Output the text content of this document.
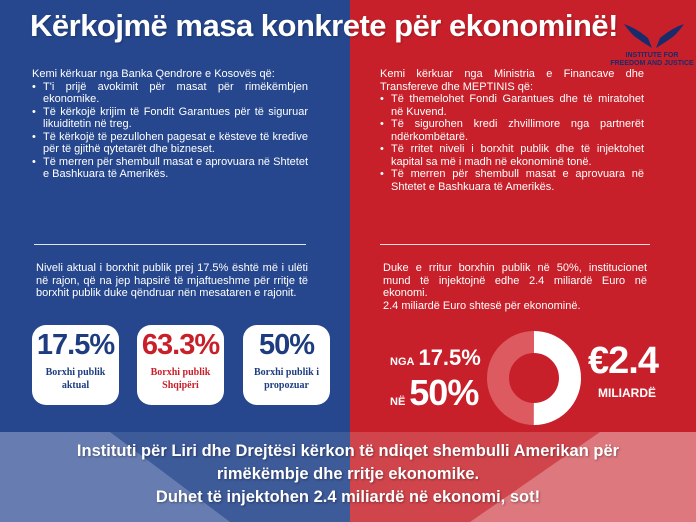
Kërkojmë masa konkrete për ekonominë!
INSTITUTE FOR
FREEDOM AND JUSTICE

Kemi kërkuar nga Banka Qendrore e Kosovës që:

• T'i prijë avokimit për masat për rimëkëmbjen ekonomike.
• Të kërkojë krijim të Fondit Garantues për të siguruar likuiditetin në treg.
• Të kërkojë të pezullohen pagesat e kësteve të kredive për të gjithë qytetarët dhe bizneset.
• Të merren për shembull masat e aprovuara në Shtetet e Bashkuara të Amerikës.

Kemi kërkuar nga Ministria e Financave dhe Transfereve dhe MEPTINIS që:

• Të themelohet Fondi Garantues dhe të miratohet në Kuvend.
• Të sigurohen kredi zhvillimore nga partnerët ndërkombëtarë.
• Të rritet niveli i borxhit publik dhe të injektohet kapital sa më i madh në ekonominë tonë.
• Të merren për shembull masat e aprovuara në Shtetet e Bashkuara të Amerikës.

Niveli aktual i borxhit publik prej 17.5% është më i ulëti në rajon, që na jep hapsirë të mjaftueshme për rritje të borxhit publik duke qëndruar nën mesataren e rajonit.

Duke e rritur borxhin publik në 50%, institucionet mund të injektojnë edhe 2.4 miliardë Euro në ekonomi.

2.4 miliardë Euro shtesë për ekonominë.

17.5%
Borxhi publik
aktual
63.3%
Borxhi publik
Shqipëri
50%
Borxhi publik i
propozuar
NGA 17.5%
NË 50%
€2.4
MILIARDË
Instituti për Liri dhe Drejtësi kërkon të ndiqet shembulli Amerikan për
rimëkëmbje dhe rritje ekonomike.
Duhet të injektohen 2.4 miliardë në ekonomi, sot!
